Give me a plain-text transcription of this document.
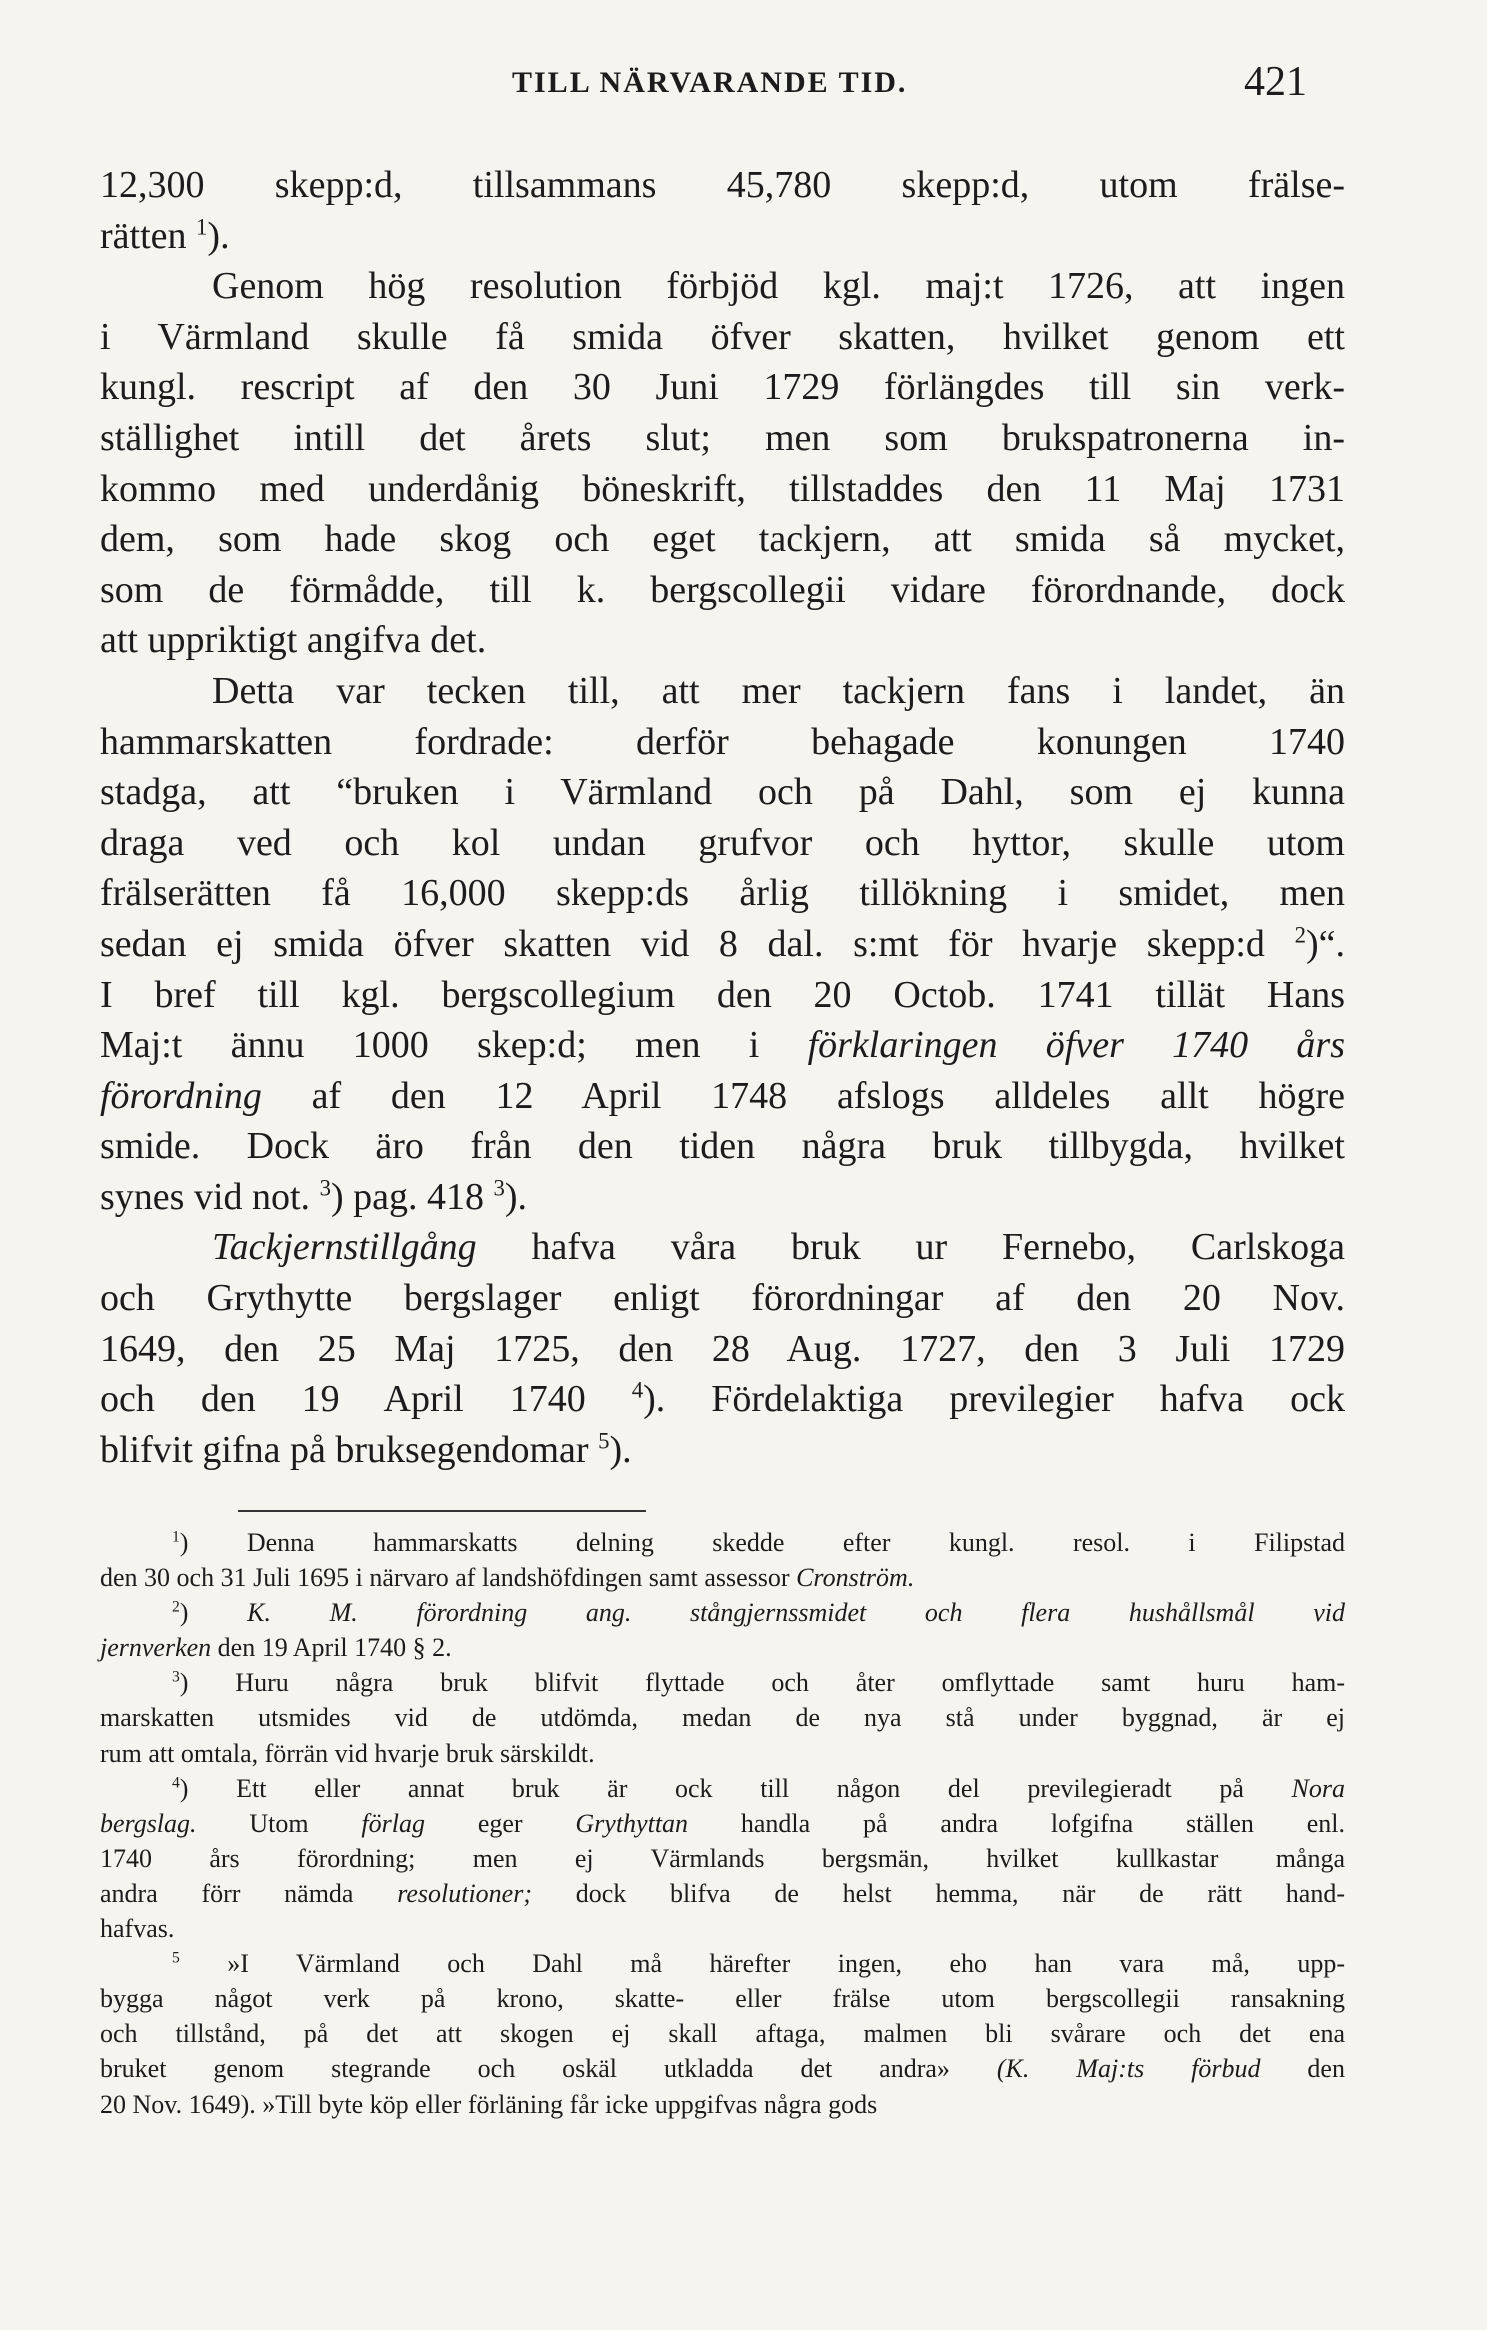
TILL NÄRVARANDE TID.	421
12,300 skepp:d, tillsammans 45,780 skepp:d, utom frälse-
rätten $^1$).
Genom hög resolution förbjöd kgl. maj:t 1726, att ingen
i Värmland skulle få smida öfver skatten, hvilket genom ett
kungl. rescript af den 30 Juni 1729 förlängdes till sin verk-
ställighet intill det årets slut; men som brukspatronerna in-
kommo med underdånig böneskrift, tillstaddes den 11 Maj 1731
dem, som hade skog och eget tackjern, att smida så mycket,
som de förmådde, till k. bergscollegii vidare förordnande, dock
att uppriktigt angifva det.
Detta var tecken till, att mer tackjern fans i landet, än
hammarskatten fordrade: derför behagade konungen 1740
stadga, att “bruken i Värmland och på Dahl, som ej kunna
draga ved och kol undan grufvor och hyttor, skulle utom
frälserätten få 16,000 skepp:ds årlig tillökning i smidet, men
sedan ej smida öfver skatten vid 8 dal. s:mt för hvarje skepp:d $^2$)“.
I bref till kgl. bergscollegium den 20 Octob. 1741 tillät Hans
Maj:t ännu 1000 skep:d; men i förklaringen öfver 1740 års
förordning af den 12 April 1748 afslogs alldeles allt högre
smide. Dock äro från den tiden några bruk tillbygda, hvilket
synes vid not. $^3$) pag. 418 $^3$).
Tackjernstillgång hafva våra bruk ur Fernebo, Carlskoga
och Grythytte bergslager enligt förordningar af den 20 Nov.
1649, den 25 Maj 1725, den 28 Aug. 1727, den 3 Juli 1729
och den 19 April 1740 $^4$). Fördelaktiga previlegier hafva ock
blifvit gifna på bruksegendomar $^5$).
$^1$) Denna hammarskatts delning skedde efter kungl. resol. i Filipstad
den 30 och 31 Juli 1695 i närvaro af landshöfdingen samt assessor Cronström.
$^2$) K. M. förordning ang. stångjernssmidet och flera hushållsmål vid
jernverken den 19 April 1740 § 2.
$^3$) Huru några bruk blifvit flyttade och åter omflyttade samt huru ham-
marskatten utsmides vid de utdömda, medan de nya stå under byggnad, är ej
rum att omtala, förrän vid hvarje bruk särskildt.
$^4$) Ett eller annat bruk är ock till någon del previlegieradt på Nora
bergslag. Utom förlag eger Grythyttan handla på andra lofgifna ställen enl.
1740 års förordning; men ej Värmlands bergsmän, hvilket kullkastar många
andra förr nämda resolutioner; dock blifva de helst hemma, när de rätt hand-
hafvas.
$^5$ »I Värmland och Dahl må härefter ingen, eho han vara må, upp-
bygga något verk på krono, skatte- eller frälse utom bergscollegii ransakning
och tillstånd, på det att skogen ej skall aftaga, malmen bli svårare och det ena
bruket genom stegrande och oskäl utkladda det andra» (K. Maj:ts förbud den
20 Nov. 1649). »Till byte köp eller förläning får icke uppgifvas några gods
